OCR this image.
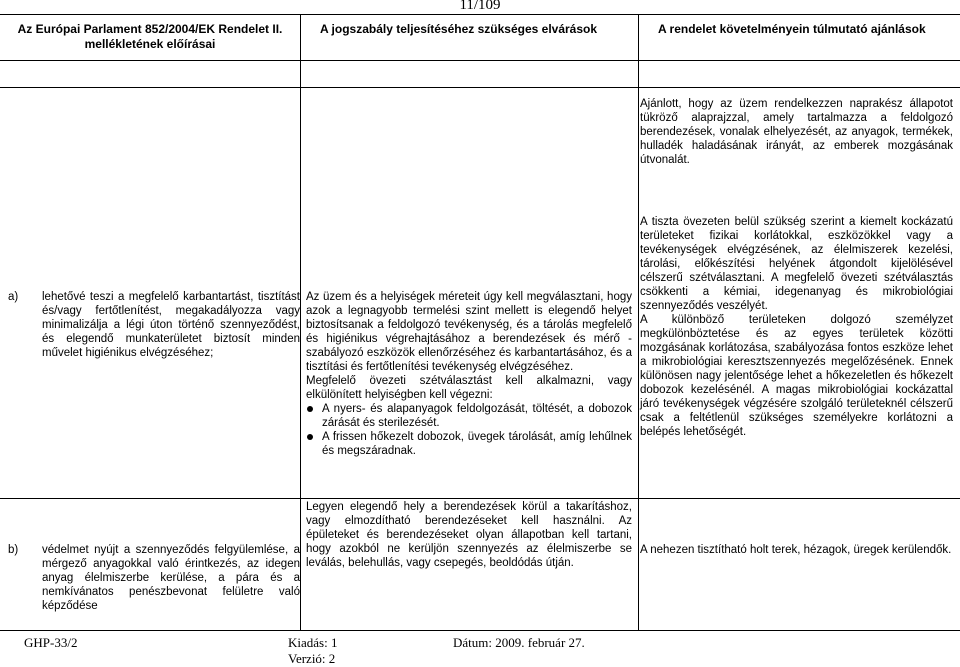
11/109
Az Európai Parlament 852/2004/EK Rendelet II. mellékletének előírásai
A jogszabály teljesítéséhez szükséges elvárások	A rendelet követelményein túlmutató ajánlások

Ajánlott, hogy az üzem rendelkezzen naprakész állapotot tükröző alaprajzzal, amely tartalmazza a feldolgozó berendezések, vonalak elhelyezését, az anyagok, termékek, hulladék haladásának irányát, az emberek mozgásának útvonalát.

a) lehetővé teszi a megfelelő karbantartást, tisztítást és/vagy fertőtlenítést, megakadályozza vagy minimalizálja a légi úton történő szennyeződést, és elegendő munkaterületet biztosít minden művelet higiénikus elvégzéséhez;

Az üzem és a helyiségek méreteit úgy kell megválasztani, hogy azok a legnagyobb termelési szint mellett is elegendő helyet biztosítsanak a feldolgozó tevékenység, és a tárolás megfelelő és higiénikus végrehajtásához a berendezések és mérő - szabályozó eszközök ellenőrzéséhez és karbantartásához, és a tisztítási és fertőtlenítési tevékenység elvégzéséhez.

Megfelelő övezeti szétválasztást kell alkalmazni, vagy elkülönített helyiségben kell végezni:

A nyers- és alapanyagok feldolgozását, töltését, a dobozok zárását és sterilezését.
A frissen hőkezelt dobozok, üvegek tárolását, amíg lehűlnek és megszáradnak.

A tiszta övezeten belül szükség szerint a kiemelt kockázatú területeket fizikai korlátokkal, eszközökkel vagy a tevékenységek elvégzésének, az élelmiszerek kezelési, tárolási, előkészítési helyének átgondolt kijelölésével célszerű szétválasztani. A megfelelő övezeti szétválasztás csökkenti a kémiai, idegenanyag és mikrobiológiai szennyeződés veszélyét.

A különböző területeken dolgozó személyzet megkülönböztetése és az egyes területek közötti mozgásának korlátozása, szabályozása fontos eszköze lehet a mikrobiológiai keresztszennyezés megelőzésének. Ennek különösen nagy jelentősége lehet a hőkezeletlen és hőkezelt dobozok kezelésénél. A magas mikrobiológiai kockázattal járó tevékenységek végzésére szolgáló területeknél célszerű csak a feltétlenül szükséges személyekre korlátozni a belépés lehetőségét.

b) védelmet nyújt a szennyeződés felgyülemlése, a mérgező anyagokkal való érintkezés, az idegen anyag élelmiszerbe kerülése, a pára és a nemkívánatos penészbevonat felületre való képződése

Legyen elegendő hely a berendezések körül a takarításhoz, vagy elmozdítható berendezéseket kell használni. Az épületeket és berendezéseket olyan állapotban kell tartani, hogy azokból ne kerüljön szennyezés az élelmiszerbe se leválás, belehullás, vagy csepegés, beoldódás útján.

A nehezen tisztítható holt terek, hézagok, üregek kerülendők.

GHP-33/2	Kiadás: 1
Verzió: 2
Dátum: 2009. február 27.
